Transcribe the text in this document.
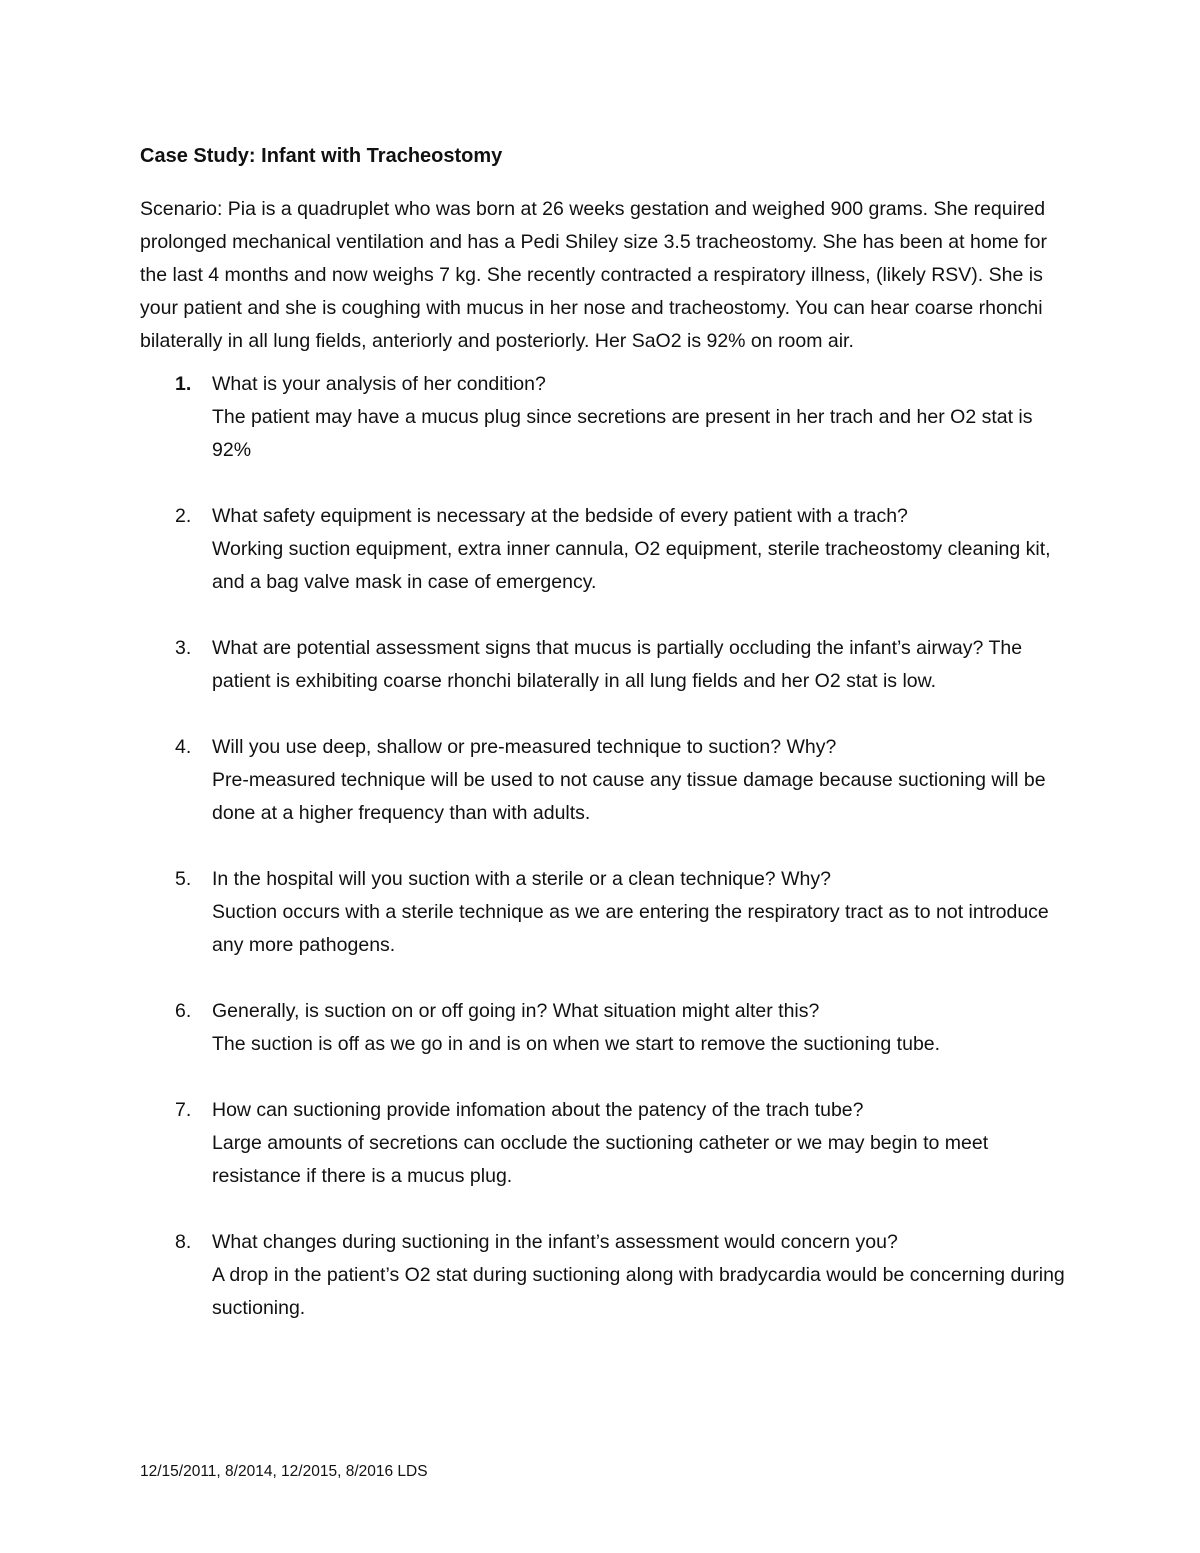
Case Study: Infant with Tracheostomy
Scenario: Pia is a quadruplet who was born at 26 weeks gestation and weighed 900 grams. She required prolonged mechanical ventilation and has a Pedi Shiley size 3.5 tracheostomy. She has been at home for the last 4 months and now weighs 7 kg. She recently contracted a respiratory illness, (likely RSV). She is your patient and she is coughing with mucus in her nose and tracheostomy. You can hear coarse rhonchi bilaterally in all lung fields, anteriorly and posteriorly. Her SaO2 is 92% on room air.
1.	What is your analysis of her condition?
The patient may have a mucus plug since secretions are present in her trach and her O2 stat is 92%
2.	What safety equipment is necessary at the bedside of every patient with a trach?
Working suction equipment, extra inner cannula, O2 equipment, sterile tracheostomy cleaning kit, and a bag valve mask in case of emergency.
3.	What are potential assessment signs that mucus is partially occluding the infant’s airway? The patient is exhibiting coarse rhonchi bilaterally in all lung fields and her O2 stat is low.
4.	Will you use deep, shallow or pre-measured technique to suction? Why?
Pre-measured technique will be used to not cause any tissue damage because suctioning will be done at a higher frequency than with adults.
5.	In the hospital will you suction with a sterile or a clean technique? Why?
Suction occurs with a sterile technique as we are entering the respiratory tract as to not introduce any more pathogens.
6.	Generally, is suction on or off going in? What situation might alter this?
The suction is off as we go in and is on when we start to remove the suctioning tube.
7.	How can suctioning provide infomation about the patency of the trach tube?
Large amounts of secretions can occlude the suctioning catheter or we may begin to meet resistance if there is a mucus plug.
8.	What changes during suctioning in the infant’s assessment would concern you?
A drop in the patient’s O2 stat during suctioning along with bradycardia would be concerning during suctioning.
12/15/2011, 8/2014, 12/2015, 8/2016 LDS
